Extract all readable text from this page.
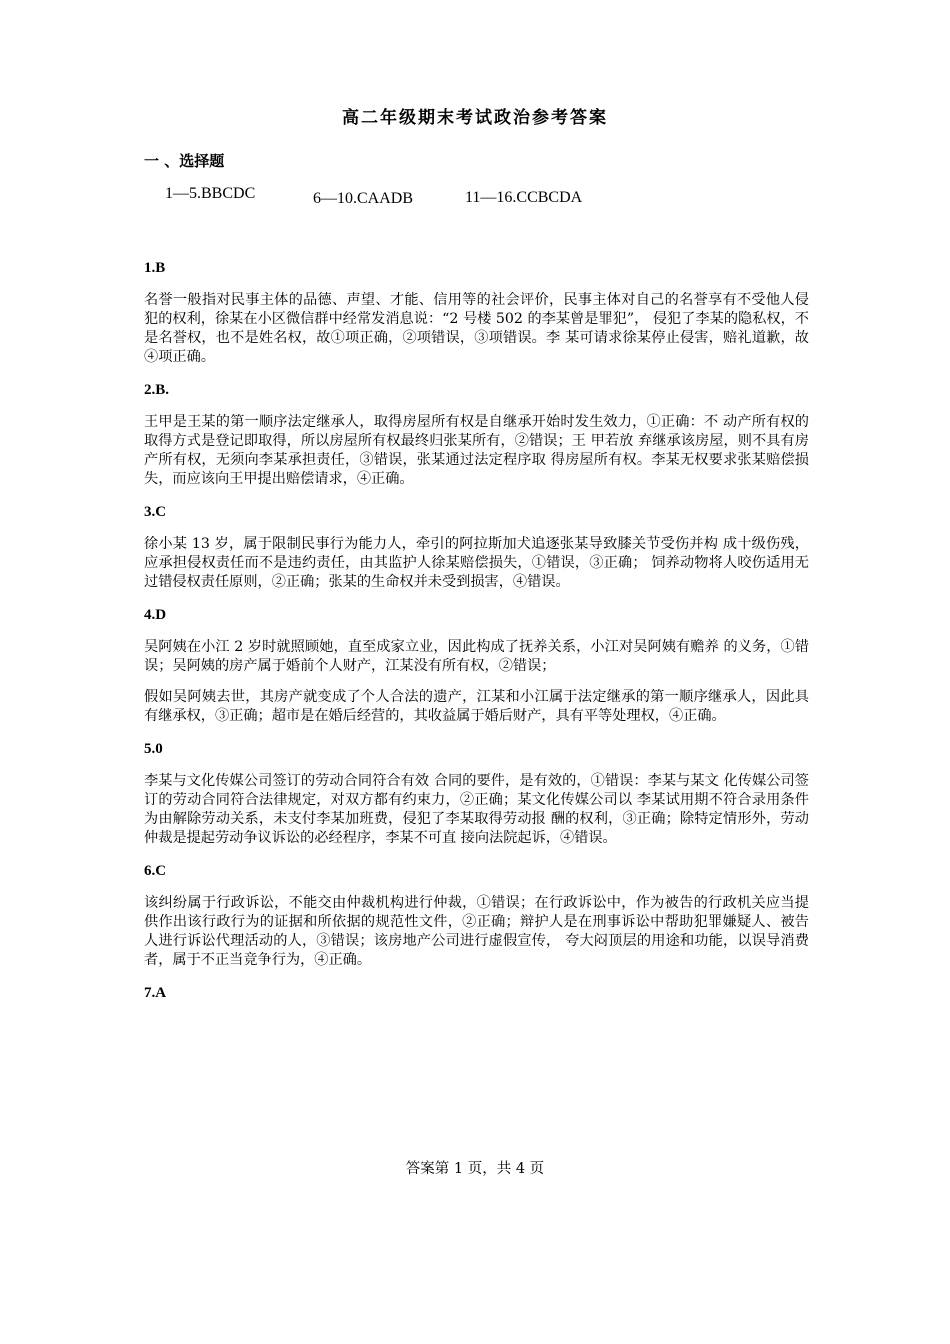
高二年级期末考试政治参考答案
一 、选择题
1—5.BBCDC	6—10.CAADB	11—16.CCBCDA

1.B

名誉一般指对民事主体的品德、声望、才能、信用等的社会评价，民事主体对自己的名誉享有不受他人侵犯的权利，徐某在小区微信群中经常发消息说：“2 号楼 502 的李某曾是罪犯”， 侵犯了李某的隐私权，不是名誉权，也不是姓名权，故①项正确，②项错误，③项错误。李 某可请求徐某停止侵害，赔礼道歉，故④项正确。

2.B.

王甲是王某的第一顺序法定继承人，取得房屋所有权是自继承开始时发生效力，①正确：不 动产所有权的取得方式是登记即取得，所以房屋所有权最终归张某所有，②错误；王 甲若放 弃继承该房屋，则不具有房产所有权，无须向李某承担责任，③错误，张某通过法定程序取 得房屋所有权。李某无权要求张某赔偿损失，而应该向王甲提出赔偿请求，④正确。

3.C

徐小某 13 岁，属于限制民事行为能力人，牵引的阿拉斯加犬追逐张某导致膝关节受伤并构 成十级伤残，应承担侵权责任而不是违约责任，由其监护人徐某赔偿损失，①错误，③正确； 饲养动物将人咬伤适用无过错侵权责任原则，②正确；张某的生命权并未受到损害，④错误。

4.D

吴阿姨在小江 2 岁时就照顾她，直至成家立业，因此构成了抚养关系，小江对吴阿姨有赡养 的义务，①错误；吴阿姨的房产属于婚前个人财产，江某没有所有权，②错误；

假如吴阿姨去世，其房产就变成了个人合法的遗产，江某和小江属于法定继承的第一顺序继承人，因此具有继承权，③正确；超市是在婚后经营的，其收益属于婚后财产，具有平等处理权，④正确。

5.0

李某与文化传媒公司签订的劳动合同符合有效 合同的要件，是有效的，①错误：李某与某文 化传媒公司签订的劳动合同符合法律规定，对双方都有约束力，②正确；某文化传媒公司以 李某试用期不符合录用条件为由解除劳动关系，未支付李某加班费，侵犯了李某取得劳动报 酬的权利，③正确；除特定情形外，劳动仲裁是提起劳动争议诉讼的必经程序，李某不可直 接向法院起诉，④错误。

6.C

该纠纷属于行政诉讼，不能交由仲裁机构进行仲裁，①错误；在行政诉讼中，作为被告的行政机关应当提供作出该行政行为的证据和所依据的规范性文件，②正确；辩护人是在刑事诉讼中帮助犯罪嫌疑人、被告人进行诉讼代理活动的人，③错误；该房地产公司进行虚假宣传， 夸大闷顶层的用途和功能，以误导消费者，属于不正当竞争行为，④正确。

7.A

答案第 1 页，共 4 页
